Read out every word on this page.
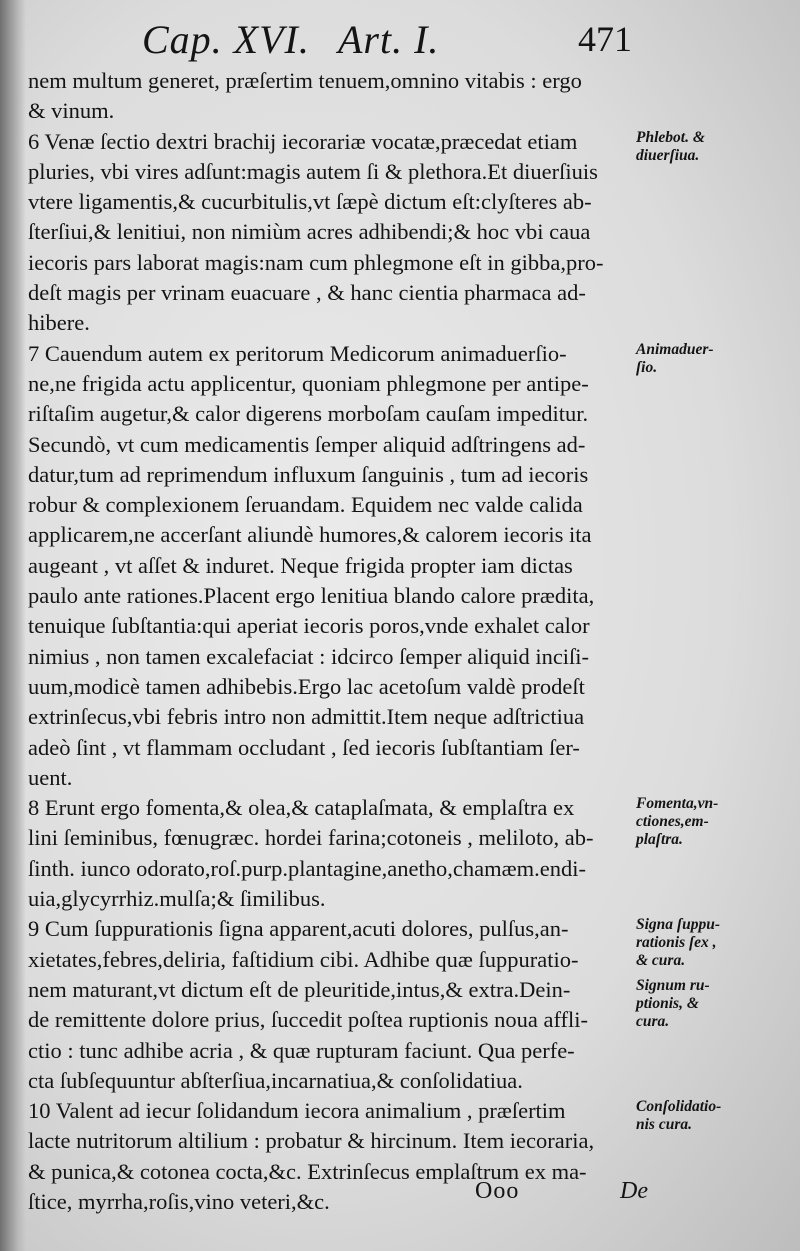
Cap. XVI. Art. I.	471
nem multum generet, præſertim tenuem,omnino vitabis : ergo
& vinum.
6 Venæ ſectio dextri brachij iecorariæ vocatæ,præcedat etiam
pluries, vbi vires adſunt:magis autem ſi & plethora.Et diuerſiuis
vtere ligamentis,& cucurbitulis,vt ſæpè dictum eſt:clyſteres ab-
ſterſiui,& lenitiui, non nimiùm acres adhibendi;& hoc vbi caua
iecoris pars laborat magis:nam cum phlegmone eſt in gibba,pro-
deſt magis per vrinam euacuare , & hanc cientia pharmaca ad-
hibere.
7 Cauendum autem ex peritorum Medicorum animaduerſio-
ne,ne frigida actu applicentur, quoniam phlegmone per antipe-
riſtaſim augetur,& calor digerens morboſam cauſam impeditur.
Secundò, vt cum medicamentis ſemper aliquid adſtringens ad-
datur,tum ad reprimendum influxum ſanguinis , tum ad iecoris
robur & complexionem ſeruandam. Equidem nec valde calida
applicarem,ne accerſant aliundè humores,& calorem iecoris ita
augeant , vt aſſet & induret. Neque frigida propter iam dictas
paulo ante rationes.Placent ergo lenitiua blando calore prædita,
tenuique ſubſtantia:qui aperiat iecoris poros,vnde exhalet calor
nimius , non tamen excalefaciat : idcirco ſemper aliquid inciſi-
uum,modicè tamen adhibebis.Ergo lac acetoſum valdè prodeſt
extrinſecus,vbi febris intro non admittit.Item neque adſtrictiua
adeò ſint , vt flammam occludant , ſed iecoris ſubſtantiam ſer-
uent.
8 Erunt ergo fomenta,& olea,& cataplaſmata, & emplaſtra ex
lini ſeminibus, fœnugræc. hordei farina;cotoneis , meliloto, ab-
ſinth. iunco odorato,roſ.purp.plantagine,anetho,chamæm.endi-
uia,glycyrrhiz.mulſa;& ſimilibus.
9 Cum ſuppurationis ſigna apparent,acuti dolores, pulſus,an-
xietates,febres,deliria, faſtidium cibi. Adhibe quæ ſuppuratio-
nem maturant,vt dictum eſt de pleuritide,intus,& extra.Dein-
de remittente dolore prius, ſuccedit poſtea ruptionis noua affli-
ctio : tunc adhibe acria , & quæ rupturam faciunt. Qua perfe-
cta ſubſequuntur abſterſiua,incarnatiua,& conſolidatiua.
10 Valent ad iecur ſolidandum iecora animalium , præſertim
lacte nutritorum altilium : probatur & hircinum. Item iecoraria,
& punica,& cotonea cocta,&c. Extrinſecus emplaſtrum ex ma-
ſtice, myrrha,roſis,vino veteri,&c.
Phlebot. &
diuerſiua.
Animaduer-
ſio.
Fomenta,vn-
ctiones,em-
plaſtra.
Signa ſuppu-
rationis ſex ,
& cura.
Signum ru-
ptionis, &
cura.
Conſolidatio-
nis cura.
Ooo	De
